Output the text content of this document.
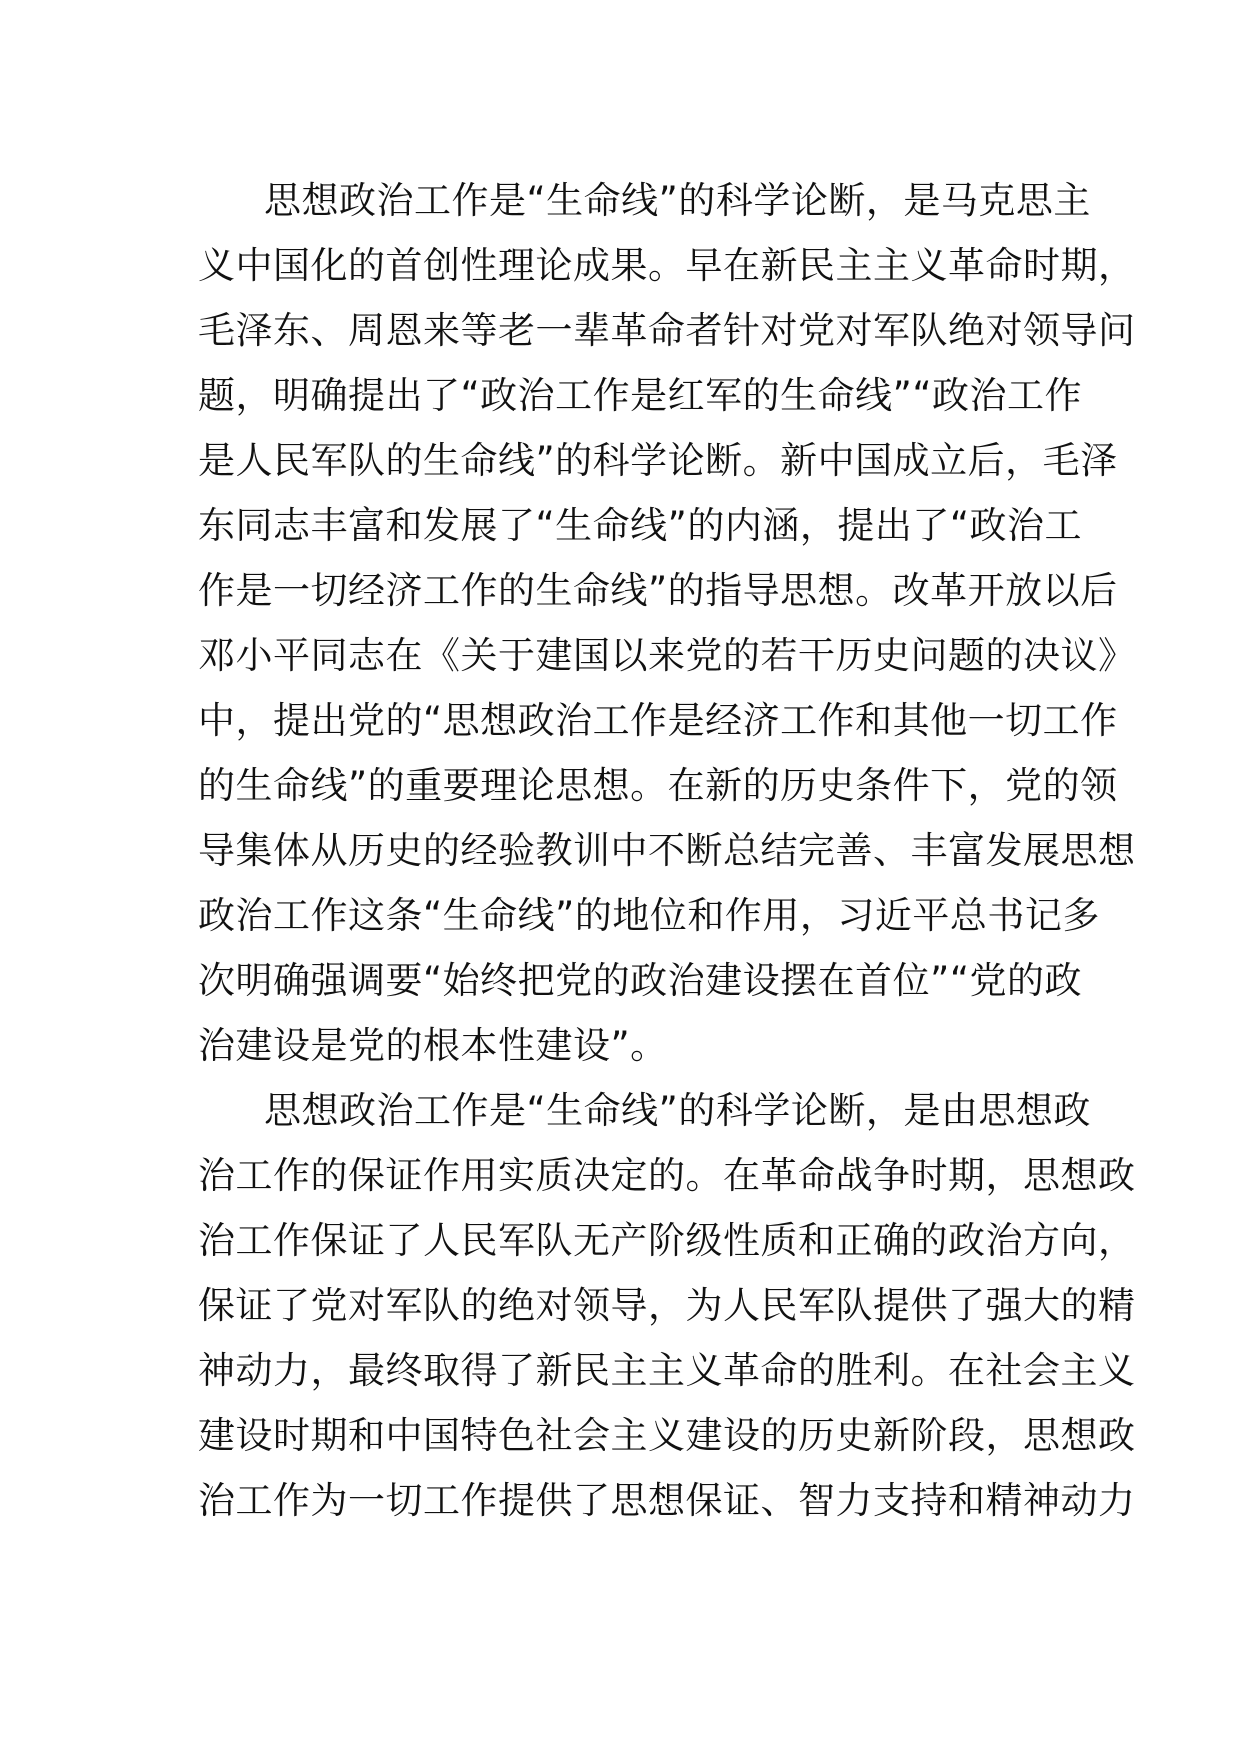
思想政治工作是“生命线”的科学论断，是马克思主
义中国化的首创性理论成果。早在新民主主义革命时期，
毛泽东、周恩来等老一辈革命者针对党对军队绝对领导问
题，明确提出了“政治工作是红军的生命线”“政治工作
是人民军队的生命线”的科学论断。新中国成立后，毛泽
东同志丰富和发展了“生命线”的内涵，提出了“政治工
作是一切经济工作的生命线”的指导思想。改革开放以后
邓小平同志在《关于建国以来党的若干历史问题的决议》
中，提出党的“思想政治工作是经济工作和其他一切工作
的生命线”的重要理论思想。在新的历史条件下，党的领
导集体从历史的经验教训中不断总结完善、丰富发展思想
政治工作这条“生命线”的地位和作用，习近平总书记多
次明确强调要“始终把党的政治建设摆在首位”“党的政
治建设是党的根本性建设”。
思想政治工作是“生命线”的科学论断，是由思想政
治工作的保证作用实质决定的。在革命战争时期，思想政
治工作保证了人民军队无产阶级性质和正确的政治方向，
保证了党对军队的绝对领导，为人民军队提供了强大的精
神动力，最终取得了新民主主义革命的胜利。在社会主义
建设时期和中国特色社会主义建设的历史新阶段，思想政
治工作为一切工作提供了思想保证、智力支持和精神动力
